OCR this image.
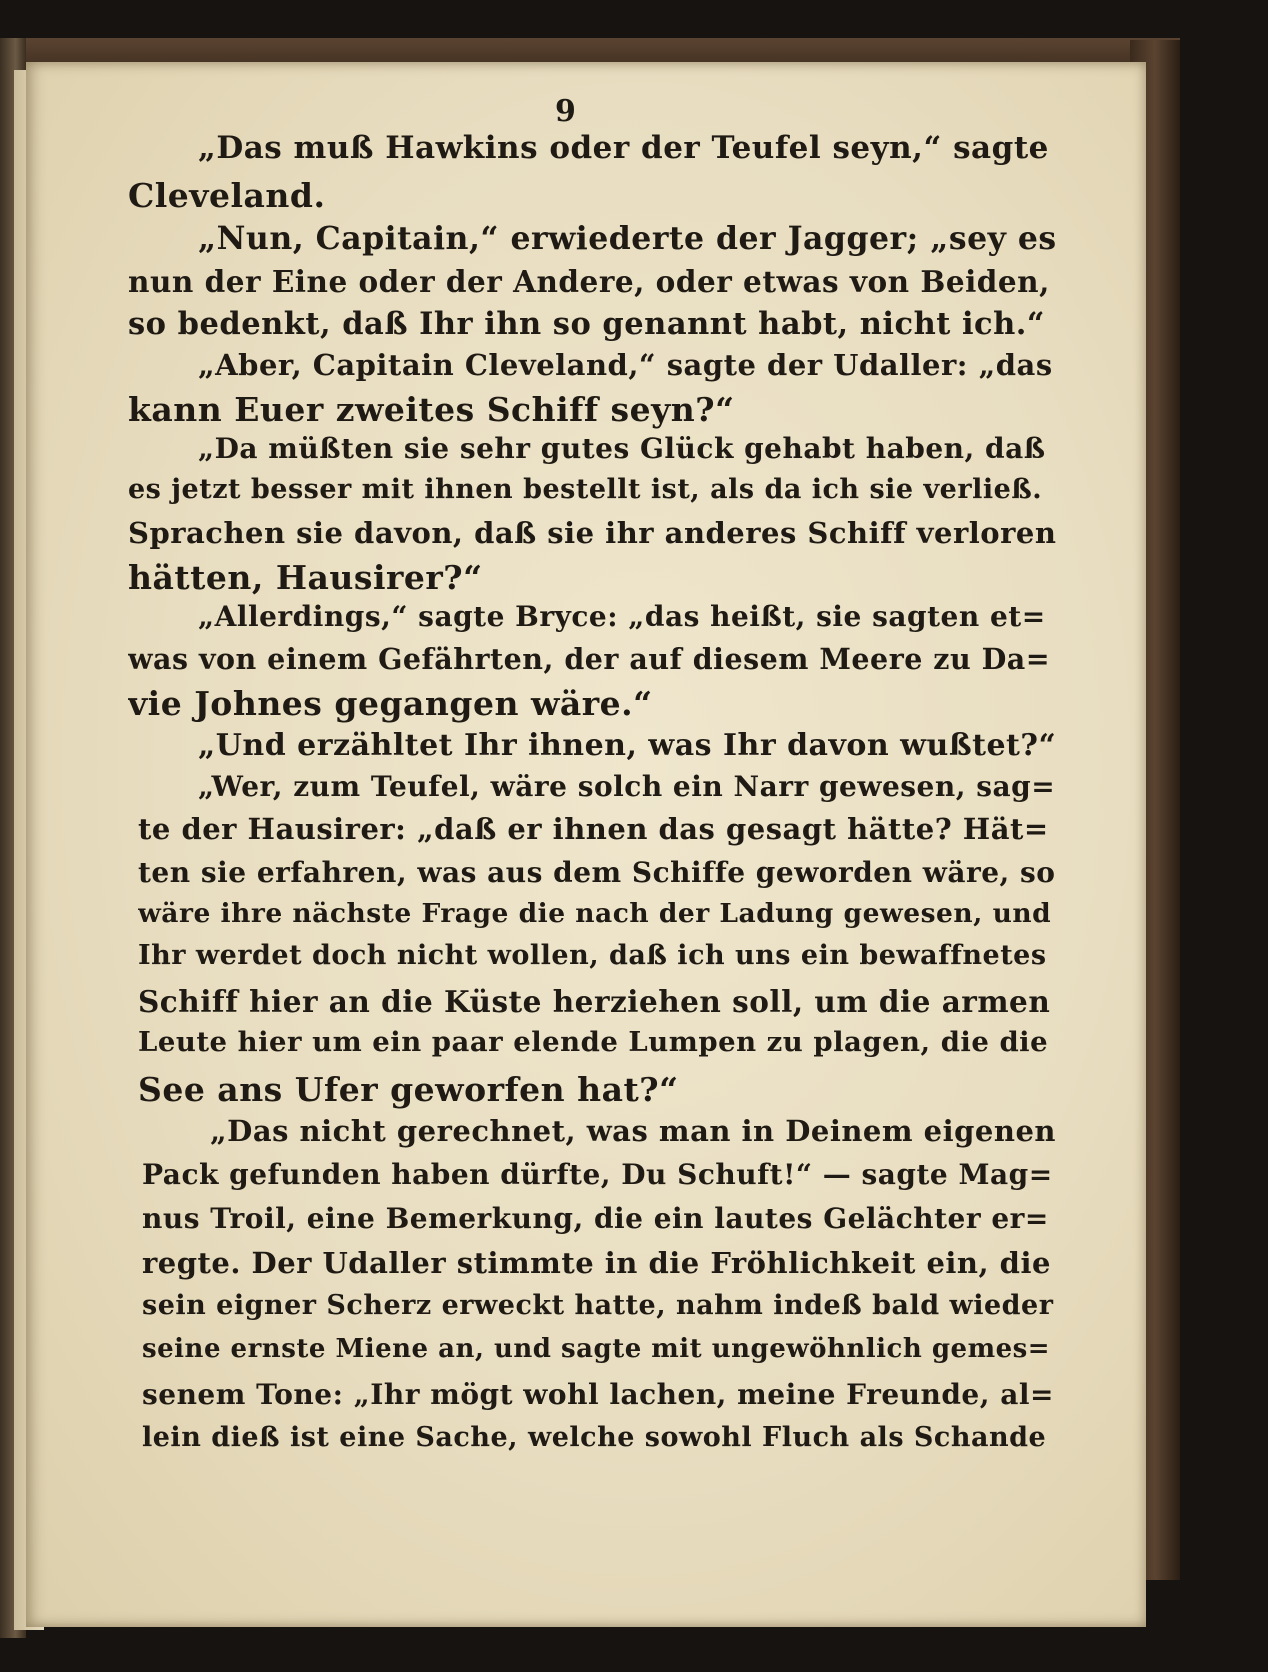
9

„Das muß Hawkins oder der Teufel seyn,“ sagte

Cleveland.

„Nun, Capitain,“ erwiederte der Jagger; „sey es

nun der Eine oder der Andere, oder etwas von Beiden,

so bedenkt, daß Ihr ihn so genannt habt, nicht ich.“

„Aber, Capitain Cleveland,“ sagte der Udaller: „das

kann Euer zweites Schiff seyn?“

„Da müßten sie sehr gutes Glück gehabt haben, daß

es jetzt besser mit ihnen bestellt ist, als da ich sie verließ.

Sprachen sie davon, daß sie ihr anderes Schiff verloren

hätten, Hausirer?“

„Allerdings,“ sagte Bryce: „das heißt, sie sagten et=

was von einem Gefährten, der auf diesem Meere zu Da=

vie Johnes gegangen wäre.“

„Und erzähltet Ihr ihnen, was Ihr davon wußtet?“

„Wer, zum Teufel, wäre solch ein Narr gewesen, sag=

te der Hausirer: „daß er ihnen das gesagt hätte? Hät=

ten sie erfahren, was aus dem Schiffe geworden wäre, so

wäre ihre nächste Frage die nach der Ladung gewesen, und

Ihr werdet doch nicht wollen, daß ich uns ein bewaffnetes

Schiff hier an die Küste herziehen soll, um die armen

Leute hier um ein paar elende Lumpen zu plagen, die die

See ans Ufer geworfen hat?“

„Das nicht gerechnet, was man in Deinem eigenen

Pack gefunden haben dürfte, Du Schuft!“ — sagte Mag=

nus Troil, eine Bemerkung, die ein lautes Gelächter er=

regte. Der Udaller stimmte in die Fröhlichkeit ein, die

sein eigner Scherz erweckt hatte, nahm indeß bald wieder

seine ernste Miene an, und sagte mit ungewöhnlich gemes=

senem Tone: „Ihr mögt wohl lachen, meine Freunde, al=

lein dieß ist eine Sache, welche sowohl Fluch als Schande
